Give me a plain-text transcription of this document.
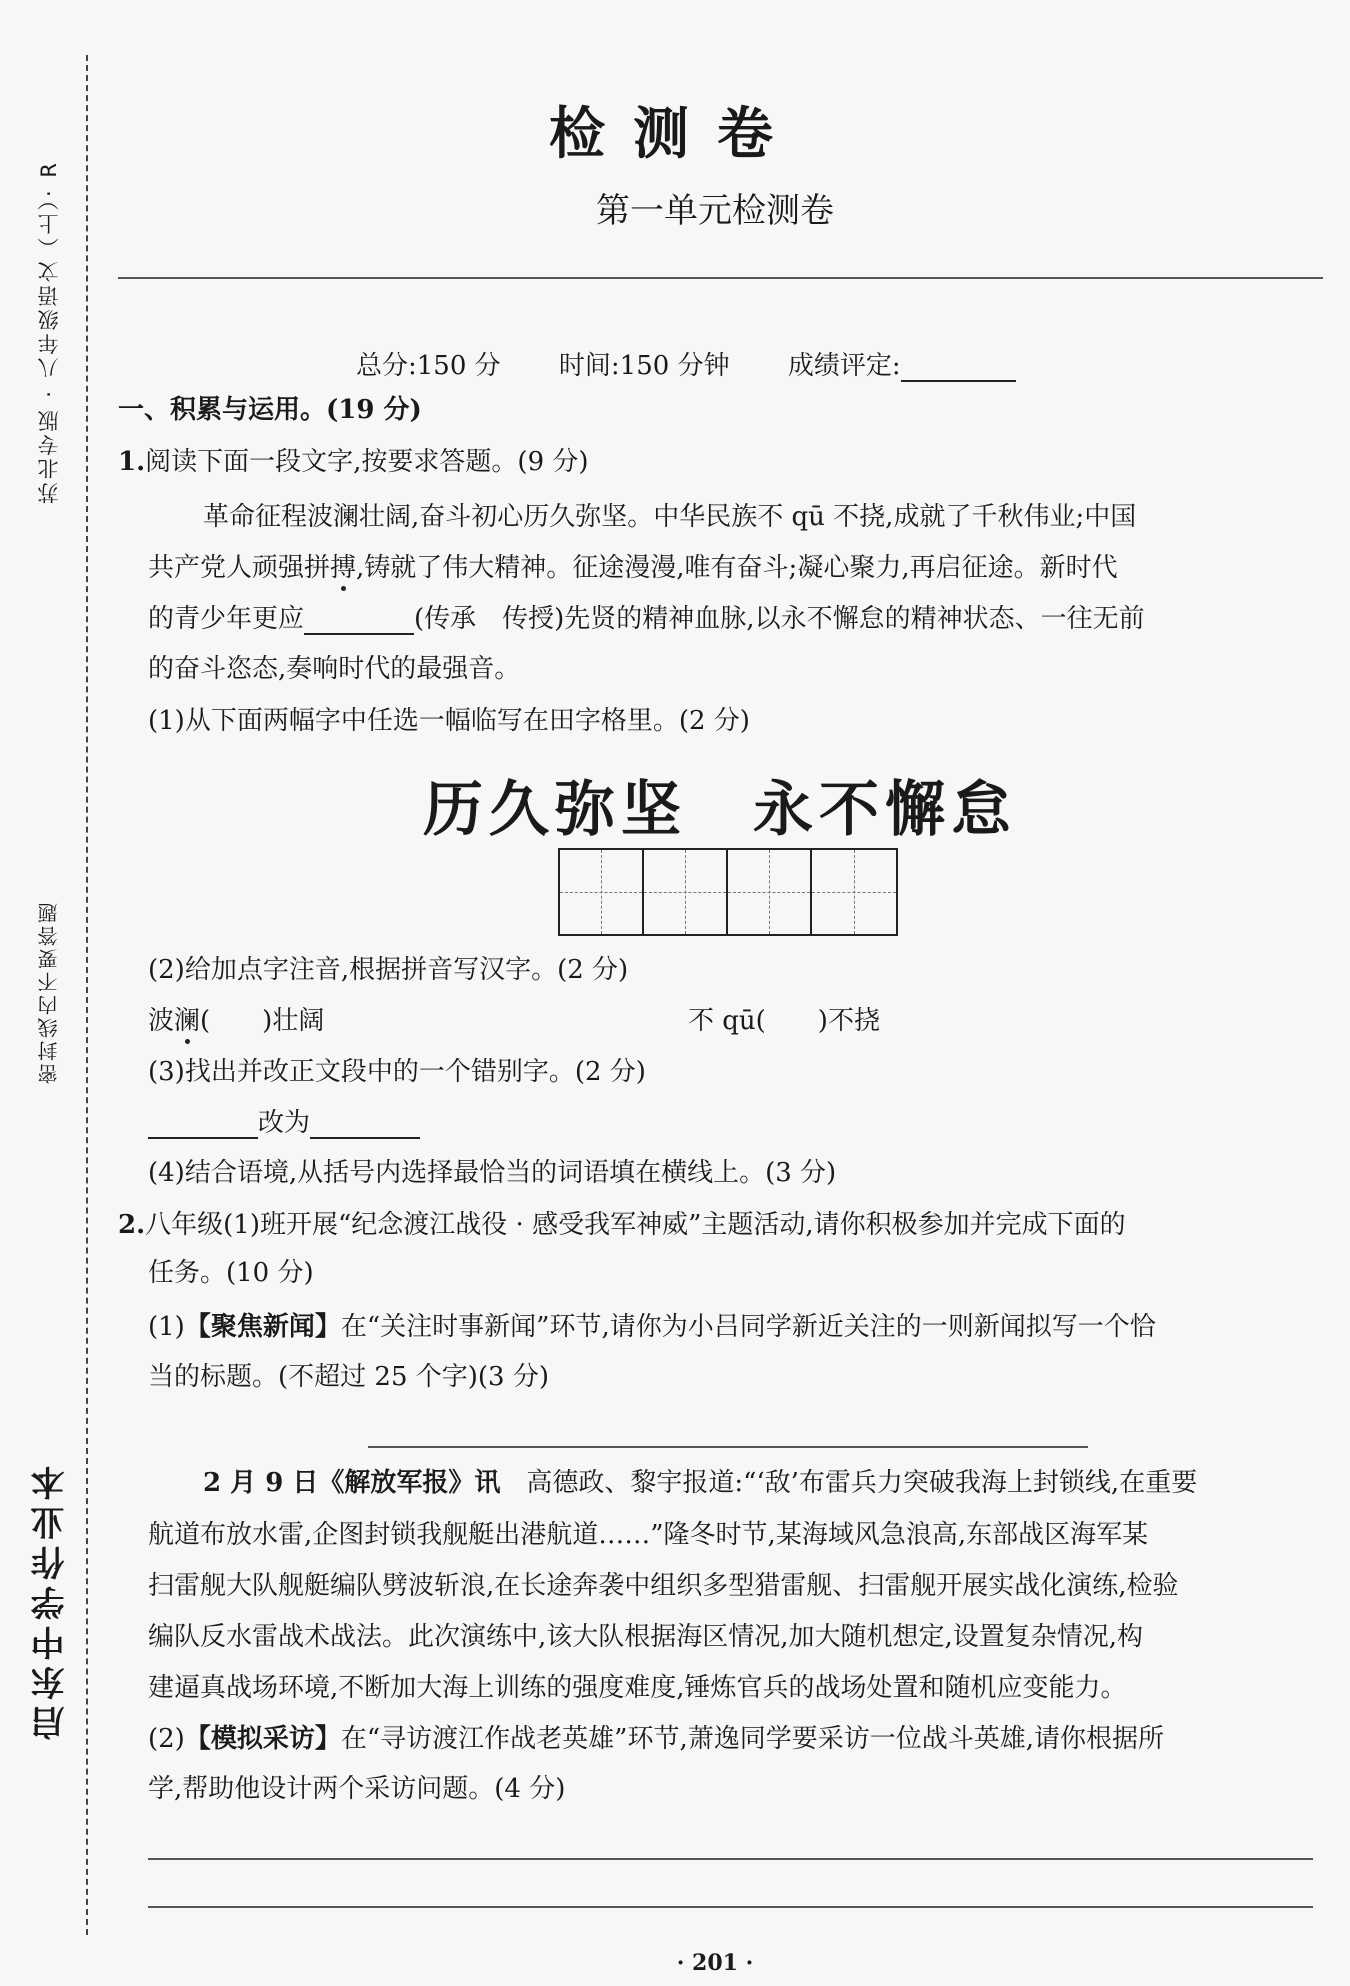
苏北专版 · 八年级语文（上）· R
密封线内不要答题
启东中学作业本
检测卷
第一单元检测卷
总分:150 分 时间:150 分钟 成绩评定:
一、积累与运用。(19 分)
1.阅读下面一段文字,按要求答题。(9 分)
革命征程波澜壮阔,奋斗初心历久弥坚。中华民族不 qū 不挠,成就了千秋伟业;中国
共产党人顽强拼搏,铸就了伟大精神。征途漫漫,唯有奋斗;凝心聚力,再启征途。新时代
的青少年更应	(传承　传授)先贤的精神血脉,以永不懈怠的精神状态、一往无前
的奋斗恣态,奏响时代的最强音。
(1)从下面两幅字中任选一幅临写在田字格里。(2 分)
历久弥坚　永不懈怠
(2)给加点字注音,根据拼音写汉字。(2 分)
波澜(　　)壮阔	不 qū(　　)不挠
(3)找出并改正文段中的一个错别字。(2 分)
改为
(4)结合语境,从括号内选择最恰当的词语填在横线上。(3 分)
2.八年级(1)班开展“纪念渡江战役 · 感受我军神威”主题活动,请你积极参加并完成下面的
任务。(10 分)
(1)【聚焦新闻】在“关注时事新闻”环节,请你为小吕同学新近关注的一则新闻拟写一个恰
当的标题。(不超过 25 个字)(3 分)
2 月 9 日《解放军报》讯　高德政、黎宇报道:“‘敌’布雷兵力突破我海上封锁线,在重要
航道布放水雷,企图封锁我舰艇出港航道……”隆冬时节,某海域风急浪高,东部战区海军某
扫雷舰大队舰艇编队劈波斩浪,在长途奔袭中组织多型猎雷舰、扫雷舰开展实战化演练,检验
编队反水雷战术战法。此次演练中,该大队根据海区情况,加大随机想定,设置复杂情况,构
建逼真战场环境,不断加大海上训练的强度难度,锤炼官兵的战场处置和随机应变能力。
(2)【模拟采访】在“寻访渡江作战老英雄”环节,萧逸同学要采访一位战斗英雄,请你根据所
学,帮助他设计两个采访问题。(4 分)
· 201 ·
